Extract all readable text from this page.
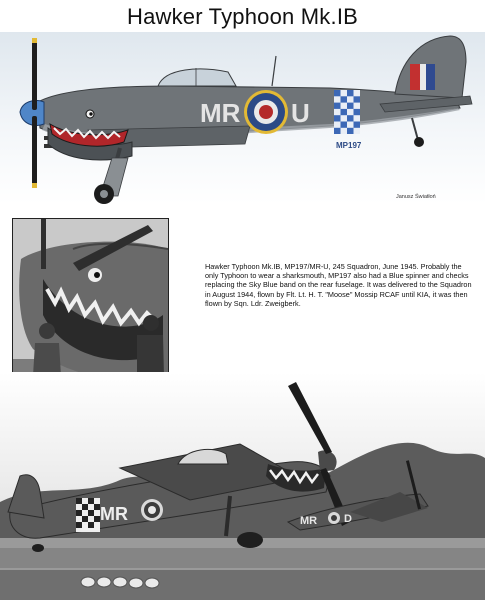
Hawker Typhoon Mk.IB
MR U
MP197
Janusz Światłoń
Hawker Typhoon Mk.IB, MP197/MR-U, 245 Squadron, June 1945. Probably the only Typhoon to wear a sharksmouth, MP197 also had a Blue spinner and checks replacing the Sky Blue band on the rear fuselage. It was delivered to the Squadron in August 1944, flown by Flt. Lt. H. T. "Moose" Mossip RCAF until KIA, it was then flown by Sqn. Ldr. Zweigberk.
MR	MR D
